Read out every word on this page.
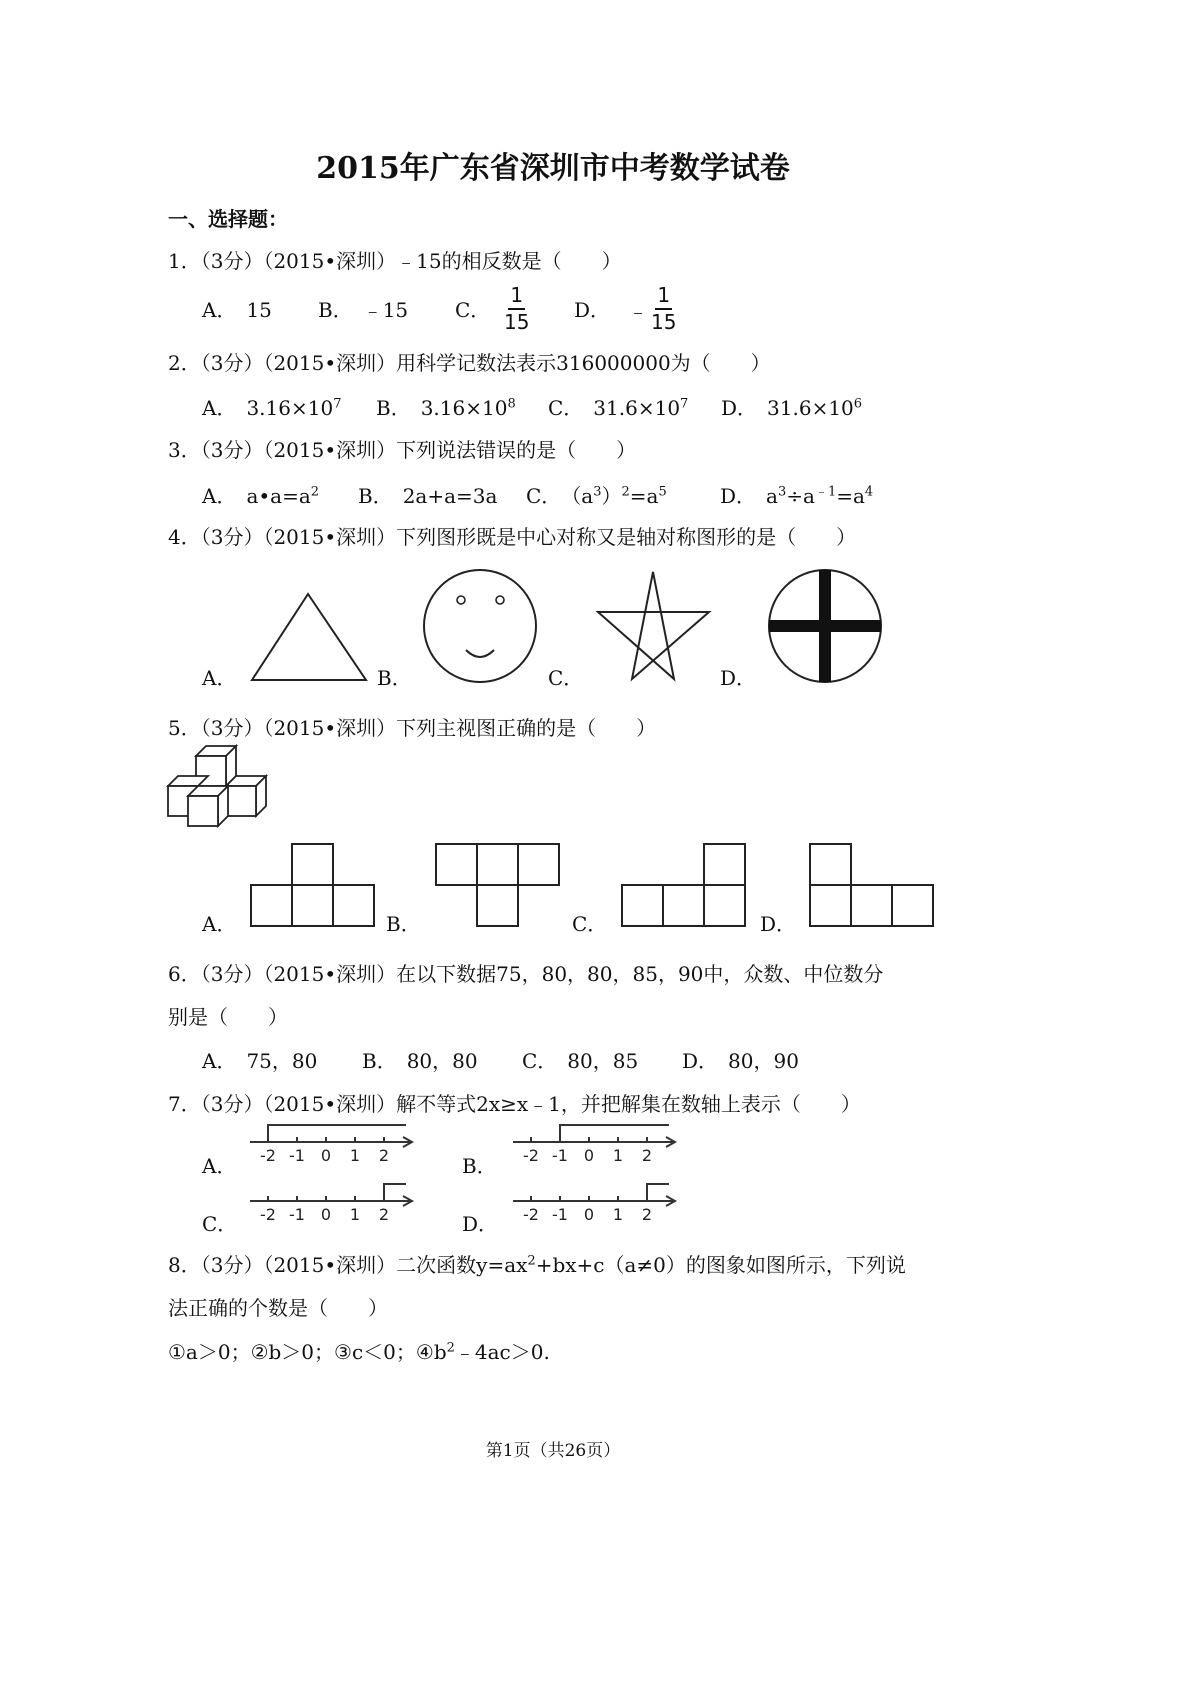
2015年广东省深圳市中考数学试卷
一、选择题：
1．（3分）（2015•深圳）﹣15的相反数是（　　）
A．　15 B．　﹣15 C． $\frac{1}{15}$ D． ﹣ $\frac{1}{15}$
2．（3分）（2015•深圳）用科学记数法表示316000000为（　　）
A．　$3.16\times 10^7$ B．　$3.16\times 10^8$ C．　$31.6\times 10^7$ D．　$31.6\times 10^6$
3．（3分）（2015•深圳）下列说法错误的是（　　）
A．　$a•a=a^2$ B．　2a+a=3a C．　$(a^3)^2=a^5$	D．　$a^3\div a^{﹣1}=a^4$
4．（3分）（2015•深圳）下列图形既是中心对称又是轴对称图形的是（　　）
A．	B．	C．	D．
5．（3分）（2015•深圳）下列主视图正确的是（　　）
A．	B．	C．	D．
6．（3分）（2015•深圳）在以下数据75，80，80，85，90中，众数、中位数分
别是（　　）
A．　75，80 B．　80，80 C．　80，85 D．　80，90
7．（3分）（2015•深圳）解不等式2x≥x﹣1，并把解集在数轴上表示（　　）
A．	B．
C．	D．
-2 -1 0 1 2	-2 -1 0 1 2
-2 -1 0 1 2	-2 -1 0 1 2
8．（3分）（2015•深圳）二次函数$y=ax^2+bx+c(a\ne 0)$的图象如图所示，下列说
法正确的个数是（　　）
①a＞0；②b＞0；③c＜0；$④b^2﹣4ac>0$.
第1页（共26页）
